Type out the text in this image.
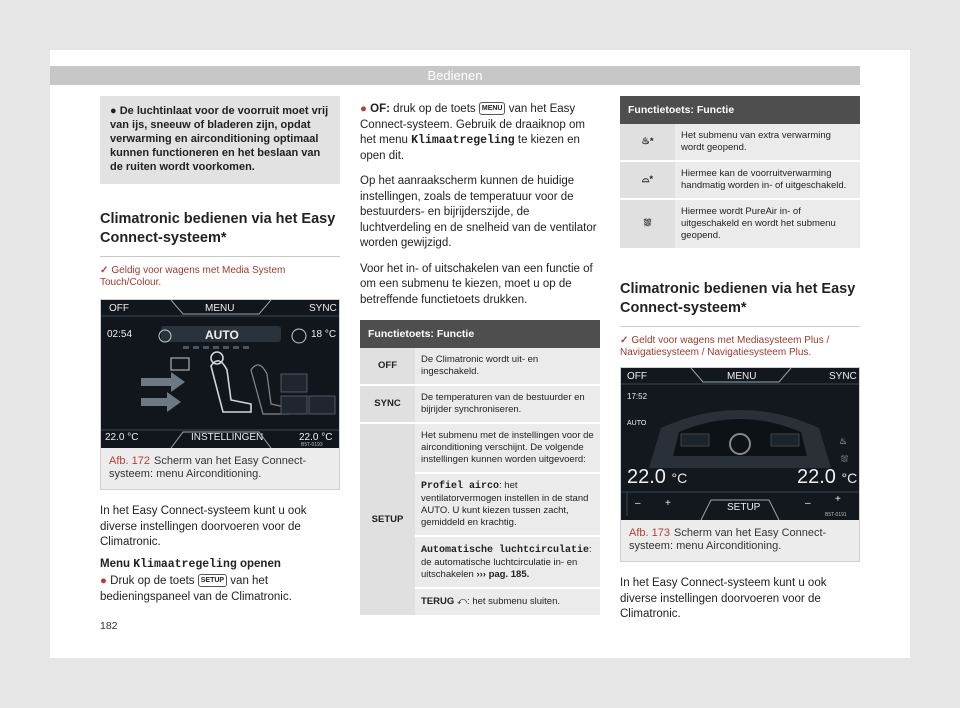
Bedienen
● De luchtinlaat voor de voorruit moet vrij van ijs, sneeuw of bladeren zijn, opdat verwarming en airconditioning optimaal kunnen functioneren en het beslaan van de ruiten wordt voorkomen.
Climatronic bedienen via het Easy Connect-systeem*
✓ Geldig voor wagens met Media System Touch/Colour.
OFF	MENU	SYNC
02:54	AUTO	18 °C
22.0 °C	INSTELLINGEN	22.0 °C
B5T-0193
Afb. 172 Scherm van het Easy Connect-systeem: menu Airconditioning.

In het Easy Connect-systeem kunt u ook diverse instellingen doorvoeren voor de Climatronic.

Menu Klimaatregeling openen

● Druk op de toets SETUP van het bedieningspaneel van de Climatronic.

● OF: druk op de toets MENU van het Easy Connect-systeem. Gebruik de draaiknop om het menu Klimaatregeling te kiezen en open dit.

Op het aanraakscherm kunnen de huidige instellingen, zoals de temperatuur voor de bestuurders- en bijrijderszijde, de luchtverdeling en de snelheid van de ventilator worden gewijzigd.

Voor het in- of uitschakelen van een functie of om een submenu te kiezen, moet u op de betreffende functietoets drukken.

Functietoets: Functie	
OFF	De Climatronic wordt uit- en ingeschakeld.
SYNC	De temperaturen van de bestuurder en bijrijder synchroniseren.
SETUP	Het submenu met de instellingen voor de airconditioning verschijnt. De volgende instellingen kunnen worden uitgevoerd:
	Profiel airco: het ventilatorvermogen instellen in de stand AUTO. U kunt kiezen tussen zacht, gemiddeld en krachtig.
	Automatische luchtcirculatie: de automatische luchtcirculatie in- en uitschakelen ››› pag. 185.
	TERUG ⤺: het submenu sluiten.
Functietoets: Functie	
♨*	Het submenu van extra verwarming wordt geopend.
⌓*	Hiermee kan de voorruitverwarming handmatig worden in- of uitgeschakeld.
⛆	Hiermee wordt PureAir in- of uitgeschakeld en wordt het submenu geopend.
Climatronic bedienen via het Easy Connect-systeem*
✓ Geldt voor wagens met Mediasysteem Plus / Navigatiesysteem / Navigatiesysteem Plus.
OFF	MENU	SYNC
17:52
AUTO
♨
⛆
22.0 °C	22.0 °C
– +	SETUP	– +
B5T-0191
Afb. 173 Scherm van het Easy Connect-systeem: menu Airconditioning.

In het Easy Connect-systeem kunt u ook diverse instellingen doorvoeren voor de Climatronic.

182
